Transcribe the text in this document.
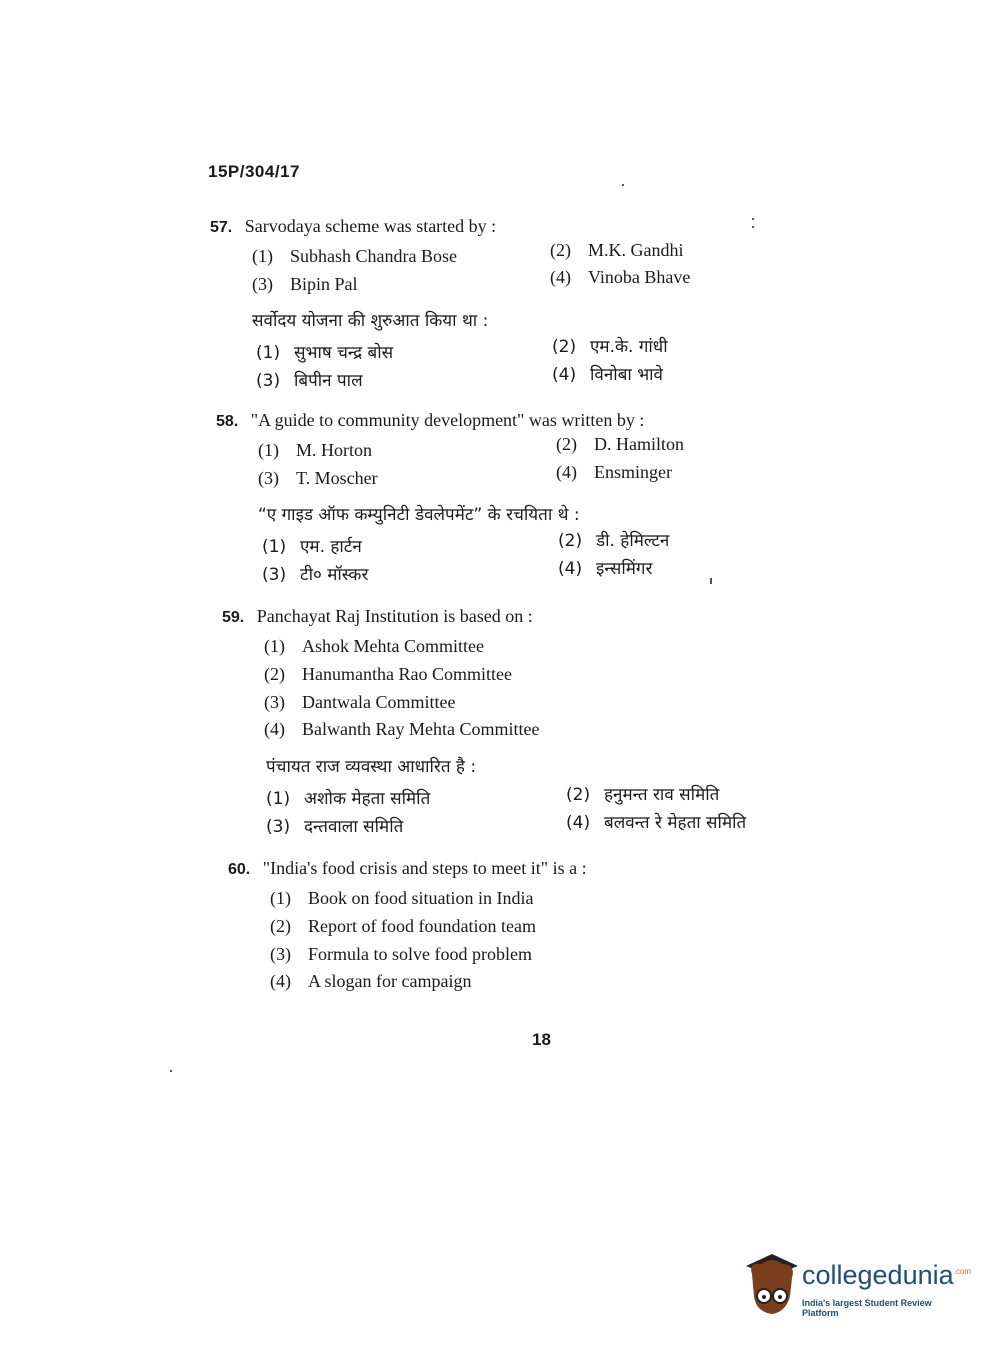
15P/304/17
57. Sarvodaya scheme was started by :
(1) Subhash Chandra Bose	(2) M.K. Gandhi
(3) Bipin Pal	(4) Vinoba Bhave
सर्वोदय योजना की शुरुआत किया था :
(1) सुभाष चन्द्र बोस	(2) एम.के. गांधी
(3) बिपीन पाल	(4) विनोबा भावे
58. "A guide to community development" was written by :
(1) M. Horton	(2) D. Hamilton
(3) T. Moscher	(4) Ensminger
“ए गाइड ऑफ कम्युनिटी डेवलेपमेंट” के रचयिता थे :
(1) एम. हार्टन	(2) डी. हेमिल्टन
(3) टी० मॉस्कर	(4) इन्समिंगर
59. Panchayat Raj Institution is based on :
(1) Ashok Mehta Committee
(2) Hanumantha Rao Committee
(3) Dantwala Committee
(4) Balwanth Ray Mehta Committee
पंचायत राज व्यवस्था आधारित है :
(1) अशोक मेहता समिति	(2) हनुमन्त राव समिति
(3) दन्तवाला समिति	(4) बलवन्त रे मेहता समिति
60. "India's food crisis and steps to meet it" is a :
(1) Book on food situation in India
(2) Report of food foundation team
(3) Formula to solve food problem
(4) A slogan for campaign
18
collegedunia$^{.com}$
India's largest Student Review Platform
